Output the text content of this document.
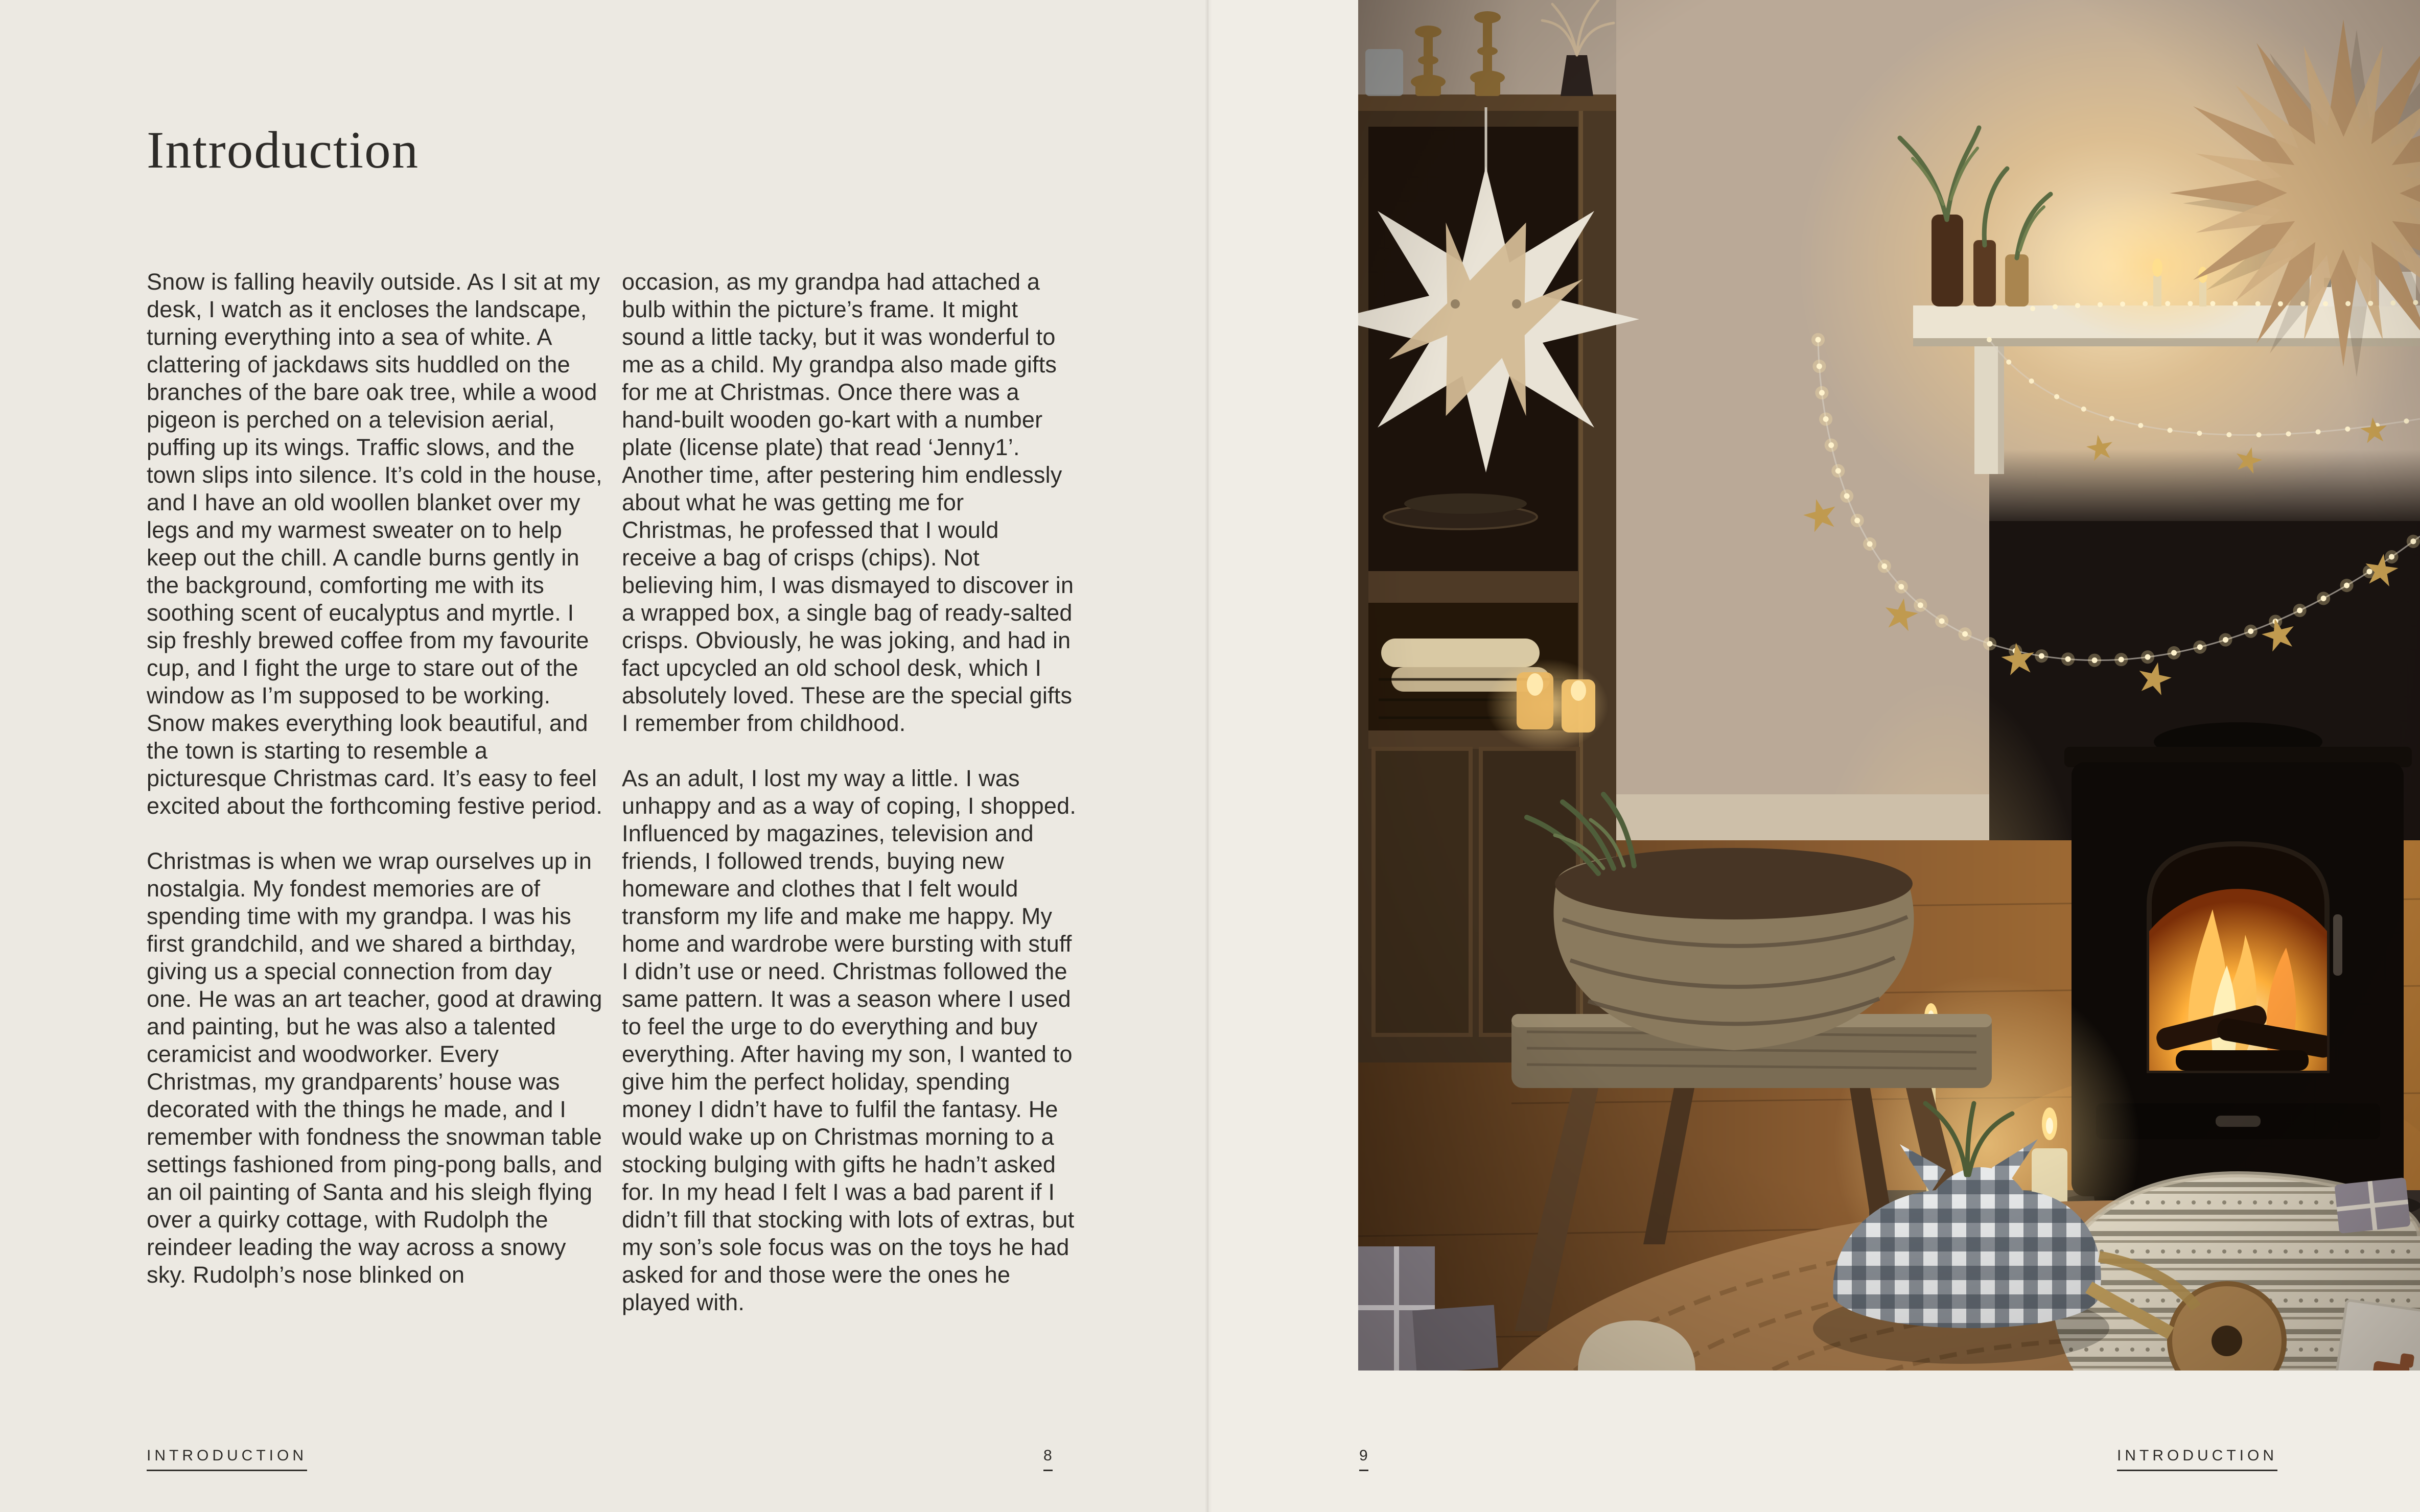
Introduction

Snow is falling heavily outside. As I sit at my desk, I watch as it encloses the landscape, turning everything into a sea of white. A clattering of jackdaws sits huddled on the branches of the bare oak tree, while a wood pigeon is perched on a television aerial, puffing up its wings. Traffic slows, and the town slips into silence. It’s cold in the house, and I have an old woollen blanket over my legs and my warmest sweater on to help keep out the chill. A candle burns gently in the background, comforting me with its soothing scent of eucalyptus and myrtle. I sip freshly brewed coffee from my favourite cup, and I fight the urge to stare out of the window as I’m supposed to be working. Snow makes everything look beautiful, and the town is starting to resemble a picturesque Christmas card. It’s easy to feel excited about the forthcoming festive period.

Christmas is when we wrap ourselves up in nostalgia. My fondest memories are of spending time with my grandpa. I was his first grandchild, and we shared a birthday, giving us a special connection from day one. He was an art teacher, good at drawing and painting, but he was also a talented ceramicist and woodworker. Every Christmas, my grandparents’ house was decorated with the things he made, and I remember with fondness the snowman table settings fashioned from ping-pong balls, and an oil painting of Santa and his sleigh flying over a quirky cottage, with Rudolph the reindeer leading the way across a snowy sky. Rudolph’s nose blinked on

occasion, as my grandpa had attached a bulb within the picture’s frame. It might sound a little tacky, but it was wonderful to me as a child. My grandpa also made gifts for me at Christmas. Once there was a hand-built wooden go-kart with a number plate (license plate) that read ‘Jenny1’. Another time, after pestering him endlessly about what he was getting me for Christmas, he professed that I would receive a bag of crisps (chips). Not believing him, I was dismayed to discover in a wrapped box, a single bag of ready-salted crisps. Obviously, he was joking, and had in fact upcycled an old school desk, which I absolutely loved. These are the special gifts I remember from childhood.

As an adult, I lost my way a little. I was unhappy and as a way of coping, I shopped. Influenced by magazines, television and friends, I followed trends, buying new homeware and clothes that I felt would transform my life and make me happy. My home and wardrobe were bursting with stuff I didn’t use or need. Christmas followed the same pattern. It was a season where I used to feel the urge to do everything and buy everything. After having my son, I wanted to give him the perfect holiday, spending money I didn’t have to fulfil the fantasy. He would wake up on Christmas morning to a stocking bulging with gifts he hadn’t asked for. In my head I felt I was a bad parent if I didn’t fill that stocking with lots of extras, but my son’s sole focus was on the toys he had asked for and those were the ones he played with.

INTRODUCTION	8	9	INTRODUCTION
